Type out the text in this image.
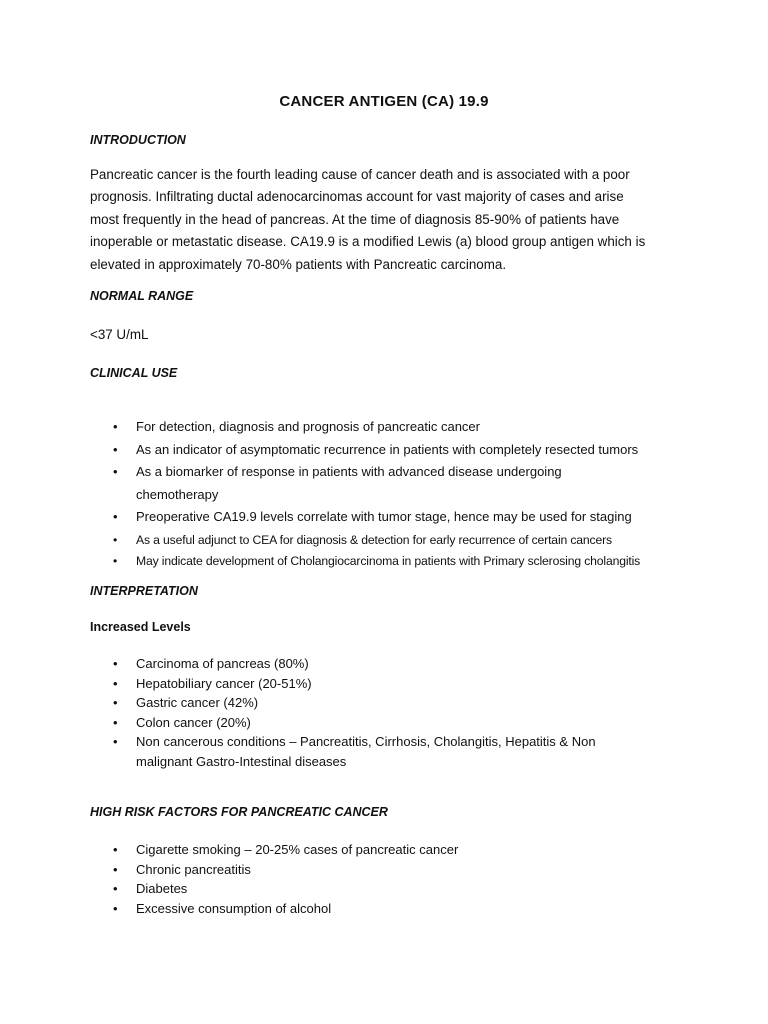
CANCER ANTIGEN (CA) 19.9
INTRODUCTION
Pancreatic cancer is the fourth leading cause of cancer death and is associated with a poor
prognosis. Infiltrating ductal adenocarcinomas account for vast majority of cases and arise
most frequently in the head of pancreas. At the time of diagnosis 85-90% of patients have
inoperable or metastatic disease. CA19.9 is a modified Lewis (a) blood group antigen which is
elevated in approximately 70-80% patients with Pancreatic carcinoma.
NORMAL RANGE
<37 U/mL
CLINICAL USE
• For detection, diagnosis and prognosis of pancreatic cancer
• As an indicator of asymptomatic recurrence in patients with completely resected tumors
• As a biomarker of response in patients with advanced disease undergoing
chemotherapy
• Preoperative CA19.9 levels correlate with tumor stage, hence may be used for staging
• As a useful adjunct to CEA for diagnosis & detection for early recurrence of certain cancers
• May indicate development of Cholangiocarcinoma in patients with Primary sclerosing cholangitis
INTERPRETATION
Increased Levels
• Carcinoma of pancreas (80%)
• Hepatobiliary cancer (20-51%)
• Gastric cancer (42%)
• Colon cancer (20%)
• Non cancerous conditions – Pancreatitis, Cirrhosis, Cholangitis, Hepatitis & Non
malignant Gastro-Intestinal diseases
HIGH RISK FACTORS FOR PANCREATIC CANCER
• Cigarette smoking – 20-25% cases of pancreatic cancer
• Chronic pancreatitis
• Diabetes
• Excessive consumption of alcohol
